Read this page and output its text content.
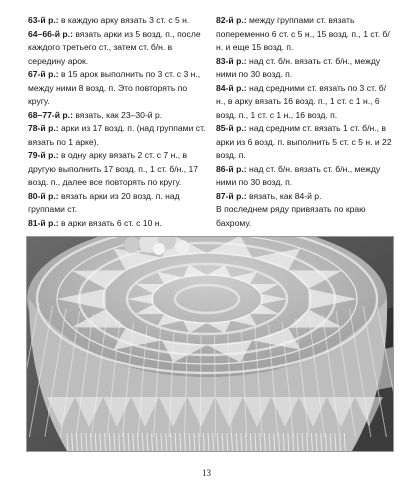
63-й р.: в каждую арку вязать 3 ст. с 5 н.

64–66-й р.: вязать арки из 5 возд. п., после каждого третьего ст., затем ст. б/н. в середину арок.

67-й р.: в 15 арок выполнить по 3 ст. с 3 н., между ними 8 возд. п. Это повторять по кругу.

68–77-й р.: вязать, как 23–30-й р.

78-й р.: арки из 17 возд. п. (над группами ст. вязать по 1 арке).

79-й р.: в одну арку вязать 2 ст. с 7 н., в другую выполнить 17 возд. п., 1 ст. б/н., 17 возд. п., далее все повторять по кругу.

80-й р.: вязать арки из 20 возд. п. над группами ст.

81-й р.: в арки вязать 6 ст. с 10 н.

82-й р.: между группами ст. вязать попеременно 6 ст. с 5 н., 15 возд. п., 1 ст. б/н. и еще 15 возд. п.

83-й р.: над ст. б/н. вязать ст. б/н., между ними по 30 возд. п.

84-й р.: над средними ст. вязать по 3 ст. б/н., в арку вязать 16 возд. п., 1 ст. с 1 н., 6 возд. п., 1 ст. с 1 н., 16 возд. п.

85-й р.: над средним ст. вязать 1 ст. б/н., в арки из 6 возд. п. выполнить 5 ст. с 5 н. и 22 возд. п.

86-й р.: над ст. б/н. вязать ст. б/н., между ними по 30 возд. п.

87-й р.: вязать, как 84-й р.

В последнем ряду привязать по краю бахрому.

13
